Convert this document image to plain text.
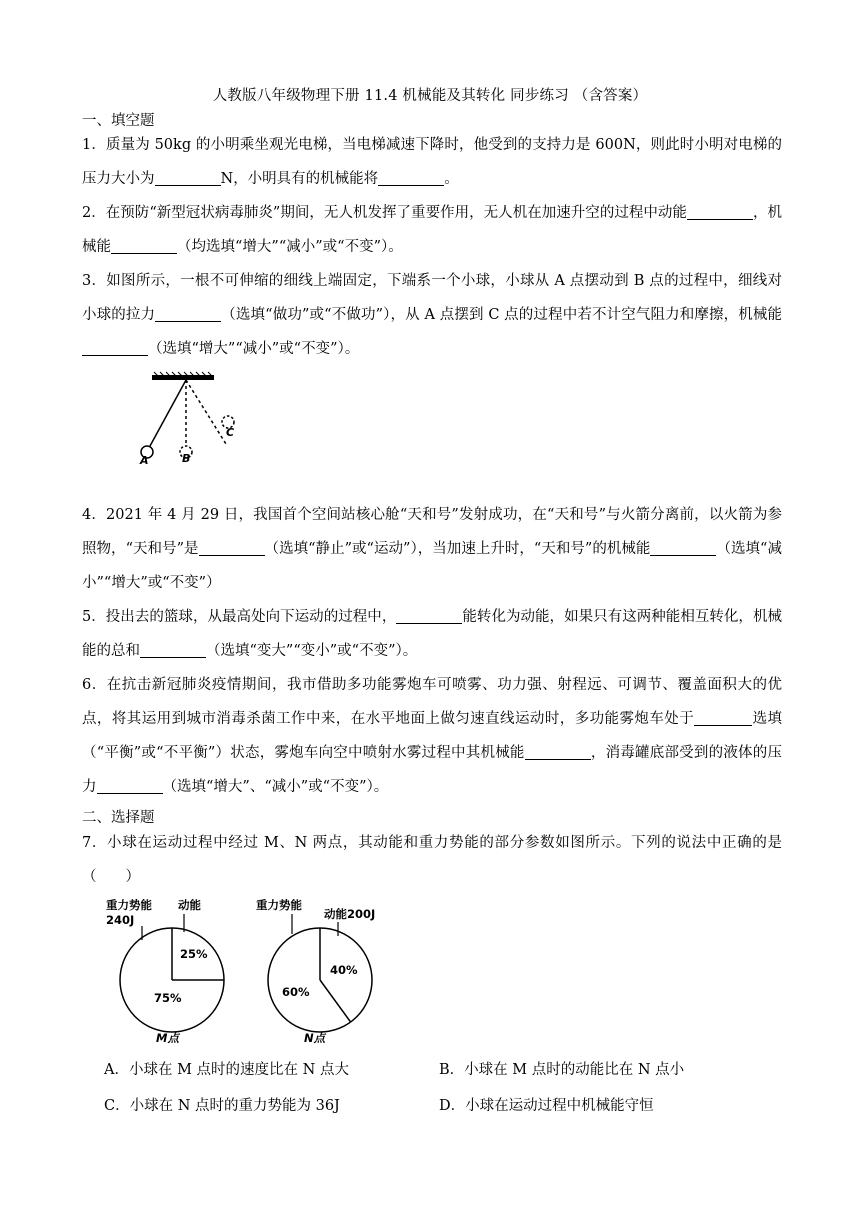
人教版八年级物理下册 11.4 机械能及其转化 同步练习 （含答案）
一、填空题
1．质量为 50kg 的小明乘坐观光电梯，当电梯减速下降时，他受到的支持力是 600N，则此时小明对电梯的压力大小为	N，小明具有的机械能将	。
2．在预防“新型冠状病毒肺炎”期间，无人机发挥了重要作用，无人机在加速升空的过程中动能	，机械能	（均选填“增大”“减小”或“不变”）。
3．如图所示，一根不可伸缩的细线上端固定，下端系一个小球，小球从 A 点摆动到 B 点的过程中，细线对小球的拉力	（选填“做功”或“不做功”），从 A 点摆到 C 点的过程中若不计空气阻力和摩擦，机械能（选填“增大”“减小”或“不变”）。
A	B
C
4．2021 年 4 月 29 日，我国首个空间站核心舱“天和号”发射成功，在“天和号”与火箭分离前，以火箭为参照物，“天和号”是	（选填“静止”或“运动”），当加速上升时，“天和号”的机械能	（选填“减小”“增大”或“不变”）
5．投出去的篮球，从最高处向下运动的过程中，	能转化为动能，如果只有这两种能相互转化，机械能的总和	（选填“变大”“变小”或“不变”）。
6．在抗击新冠肺炎疫情期间，我市借助多功能雾炮车可喷雾、功力强、射程远、可调节、覆盖面积大的优点，将其运用到城市消毒杀菌工作中来，在水平地面上做匀速直线运动时，多功能雾炮车处于	选填（“平衡”或“不平衡”）状态，雾炮车向空中喷射水雾过程中其机械能	，消毒罐底部受到的液体的压力	（选填“增大”、“减小”或“不变”）。
二、选择题
7．小球在运动过程中经过 M、N 两点，其动能和重力势能的部分参数如图所示。下列的说法中正确的是（　　）
重力势能
240J
动能
25%
75%
M点
重力势能
动能200J
40%
60%
N点
A．小球在 M 点时的速度比在 N 点大	B．小球在 M 点时的动能比在 N 点小
C．小球在 N 点时的重力势能为 36J	D．小球在运动过程中机械能守恒
